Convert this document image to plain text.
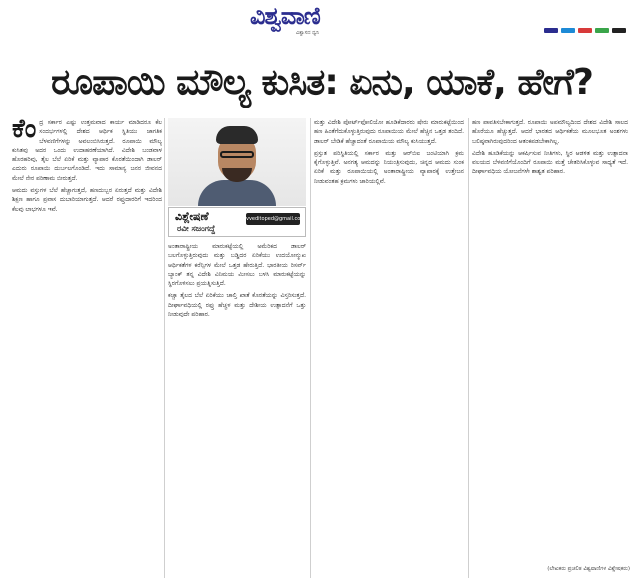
ವಿಶ್ವವಾಣಿ
ವಿಶ್ವಾಸದ ಧ್ವನಿ
ರೂಪಾಯಿ ಮೌಲ್ಯ ಕುಸಿತ: ಏನು, ಯಾಕೆ, ಹೇಗೆ?
ಕೆಂ ದ್ರ ಸರ್ಕಾರ ಎಷ್ಟು ಉತ್ತಮವಾದ ಕಾರ್ಯ ಮಾಡಿದರೂ ಕೆಲ ಸಂದರ್ಭಗಳಲ್ಲಿ ದೇಶದ ಆರ್ಥಿಕ ಸ್ಥಿತಿಯು ಜಾಗತಿಕ ಬೆಳವಣಿಗೆಗಳನ್ನು ಅವಲಂಬಿಸಿರುತ್ತದೆ. ರೂಪಾಯಿ ಮೌಲ್ಯ ಕುಸಿತವು ಅದರ ಒಂದು ಉದಾಹರಣೆಯಾಗಿದೆ. ವಿದೇಶಿ ಬಂಡವಾಳ ಹೊರಹರಿವು, ತೈಲ ಬೆಲೆ ಏರಿಕೆ ಮತ್ತು ವ್ಯಾಪಾರ ಕೊರತೆಯಿಂದಾಗಿ ಡಾಲರ್ ಎದುರು ರೂಪಾಯಿ ದುರ್ಬಲಗೊಂಡಿದೆ. ಇದು ಸಾಮಾನ್ಯ ಜನರ ಜೀವನದ ಮೇಲೆ ನೇರ ಪರಿಣಾಮ ಬೀರುತ್ತದೆ.

ಆಮದು ವಸ್ತುಗಳ ಬೆಲೆ ಹೆಚ್ಚಾಗುತ್ತದೆ, ಹಣದುಬ್ಬರ ಏರುತ್ತದೆ ಮತ್ತು ವಿದೇಶಿ ಶಿಕ್ಷಣ ಹಾಗೂ ಪ್ರವಾಸ ದುಬಾರಿಯಾಗುತ್ತದೆ. ಆದರೆ ರಫ್ತುದಾರರಿಗೆ ಇದರಿಂದ ಕೆಲವು ಲಾಭಗಳೂ ಇವೆ.

ವಿಶ್ಲೇಷಣೆ
ರವೀ ಸಜಂಗದ್ದೆ
vveditoped@gmail.com

ಅಂತಾರಾಷ್ಟ್ರೀಯ ಮಾರುಕಟ್ಟೆಯಲ್ಲಿ ಅಮೆರಿಕದ ಡಾಲರ್ ಬಲಗೊಳ್ಳುತ್ತಿರುವುದು ಮತ್ತು ಬಡ್ಡಿದರ ಏರಿಕೆಯು ಉದಯೋನ್ಮುಖ ಆರ್ಥಿಕತೆಗಳ ಕರೆನ್ಸಿಗಳ ಮೇಲೆ ಒತ್ತಡ ಹೇರುತ್ತಿದೆ. ಭಾರತೀಯ ರಿಸರ್ವ್ ಬ್ಯಾಂಕ್ ತನ್ನ ವಿದೇಶಿ ವಿನಿಮಯ ಮೀಸಲು ಬಳಸಿ ಮಾರುಕಟ್ಟೆಯನ್ನು ಸ್ಥಿರಗೊಳಿಸಲು ಪ್ರಯತ್ನಿಸುತ್ತಿದೆ.

ಕಚ್ಚಾ ತೈಲದ ಬೆಲೆ ಏರಿಕೆಯು ಚಾಲ್ತಿ ಖಾತೆ ಕೊರತೆಯನ್ನು ವಿಸ್ತರಿಸುತ್ತದೆ. ದೀರ್ಘಾವಧಿಯಲ್ಲಿ ರಫ್ತು ಹೆಚ್ಚಳ ಮತ್ತು ದೇಶೀಯ ಉತ್ಪಾದನೆಗೆ ಒತ್ತು ನೀಡುವುದೇ ಪರಿಹಾರ.

ಮತ್ತು ವಿದೇಶಿ ಪೋರ್ಟ್‌ಫೋಲಿಯೋ ಹೂಡಿಕೆದಾರರು ಷೇರು ಮಾರುಕಟ್ಟೆಯಿಂದ ಹಣ ಹಿಂತೆಗೆದುಕೊಳ್ಳುತ್ತಿರುವುದು ರೂಪಾಯಿಯ ಮೇಲೆ ಹೆಚ್ಚಿನ ಒತ್ತಡ ತಂದಿದೆ. ಡಾಲರ್ ಬೇಡಿಕೆ ಹೆಚ್ಚಾದಂತೆ ರೂಪಾಯಿಯ ಮೌಲ್ಯ ಕುಸಿಯುತ್ತದೆ.

ಪ್ರಸ್ತುತ ಪರಿಸ್ಥಿತಿಯಲ್ಲಿ ಸರ್ಕಾರ ಮತ್ತು ಆರ್‌ಬಿಐ ಜಂಟಿಯಾಗಿ ಕ್ರಮ ಕೈಗೊಳ್ಳುತ್ತಿವೆ. ಅನಗತ್ಯ ಆಮದನ್ನು ನಿಯಂತ್ರಿಸುವುದು, ಚಿನ್ನದ ಆಮದು ಸುಂಕ ಏರಿಕೆ ಮತ್ತು ರೂಪಾಯಿಯಲ್ಲಿ ಅಂತಾರಾಷ್ಟ್ರೀಯ ವ್ಯಾಪಾರಕ್ಕೆ ಉತ್ತೇಜನ ನೀಡುವಂತಹ ಕ್ರಮಗಳು ಜಾರಿಯಲ್ಲಿವೆ.

ಹಣ ಪಾವತಿಸಬೇಕಾಗುತ್ತದೆ. ರೂಪಾಯಿ ಅಪಮೌಲ್ಯದಿಂದ ದೇಶದ ವಿದೇಶಿ ಸಾಲದ ಹೊರೆಯೂ ಹೆಚ್ಚುತ್ತದೆ. ಆದರೆ ಭಾರತದ ಆರ್ಥಿಕತೆಯ ಮೂಲಭೂತ ಅಂಶಗಳು ಬಲಿಷ್ಠವಾಗಿರುವುದರಿಂದ ಆತಂಕಪಡಬೇಕಾಗಿಲ್ಲ.

ವಿದೇಶಿ ಹೂಡಿಕೆಯನ್ನು ಆಕರ್ಷಿಸುವ ನೀತಿಗಳು, ಸ್ಥಿರ ಆಡಳಿತ ಮತ್ತು ಉತ್ಪಾದನಾ ವಲಯದ ಬೆಳವಣಿಗೆಯೊಂದಿಗೆ ರೂಪಾಯಿ ಮತ್ತೆ ಚೇತರಿಸಿಕೊಳ್ಳುವ ಸಾಧ್ಯತೆ ಇದೆ. ದೀರ್ಘಾವಧಿಯ ಯೋಜನೆಗಳೇ ಶಾಶ್ವತ ಪರಿಹಾರ.

(ಲೇಖಕರು ಪ್ರಚಲಿತ ವಿಶ್ವವಾಣಿಗಳ ವಿಶ್ಲೇಷಕರು)
